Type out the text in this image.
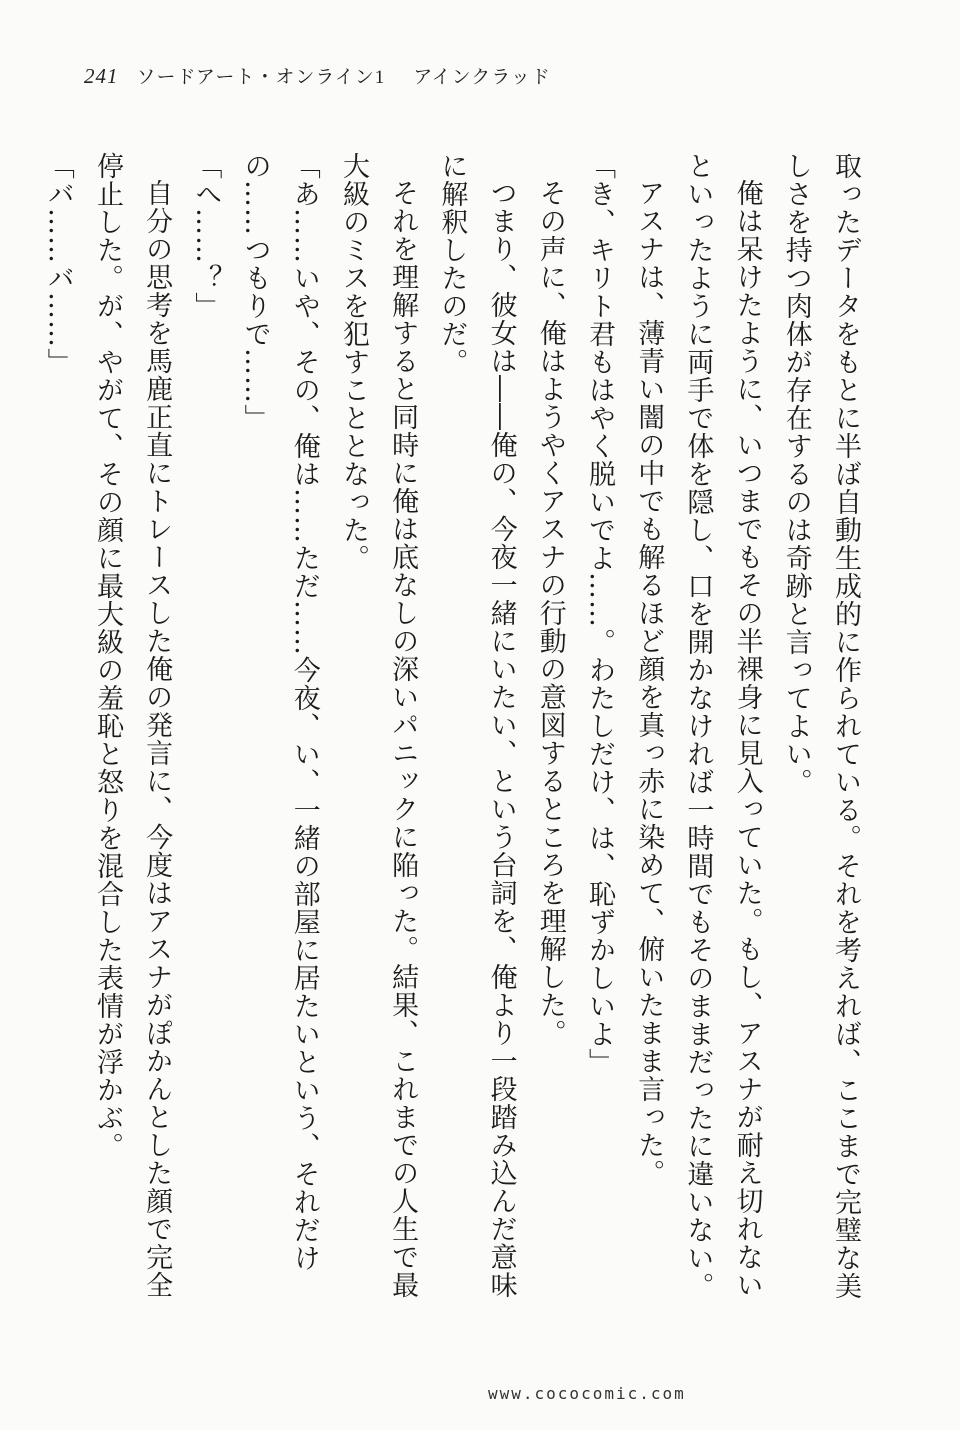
241 ソードアート・オンライン1 アインクラッド

取ったデータをもとに半ば自動生成的に作られている。それを考えれば、ここまで完璧な美しさを持つ肉体が存在するのは奇跡と言ってよい。

俺は呆けたように、いつまでもその半裸身に見入っていた。もし、アスナが耐え切れないといったように両手で体を隠し、口を開かなければ一時間でもそのままだったに違いない。

アスナは、薄青い闇の中でも解るほど顔を真っ赤に染めて、俯いたまま言った。

「き、キリト君もはやく脱いでよ……。わたしだけ、は、恥ずかしいよ」

その声に、俺はようやくアスナの行動の意図するところを理解した。

つまり、彼女は――俺の、今夜一緒にいたい、という台詞を、俺より一段踏み込んだ意味に解釈したのだ。

それを理解すると同時に俺は底なしの深いパニックに陥った。結果、これまでの人生で最大級のミスを犯すこととなった。

「あ……いや、その、俺は……ただ……今夜、い、一緒の部屋に居たいという、それだけの……つもりで……」

「へ……？」

自分の思考を馬鹿正直にトレースした俺の発言に、今度はアスナがぽかんとした顔で完全停止した。が、やがて、その顔に最大級の羞恥と怒りを混合した表情が浮かぶ。

「バ……バ……」

www.cococomic.com
